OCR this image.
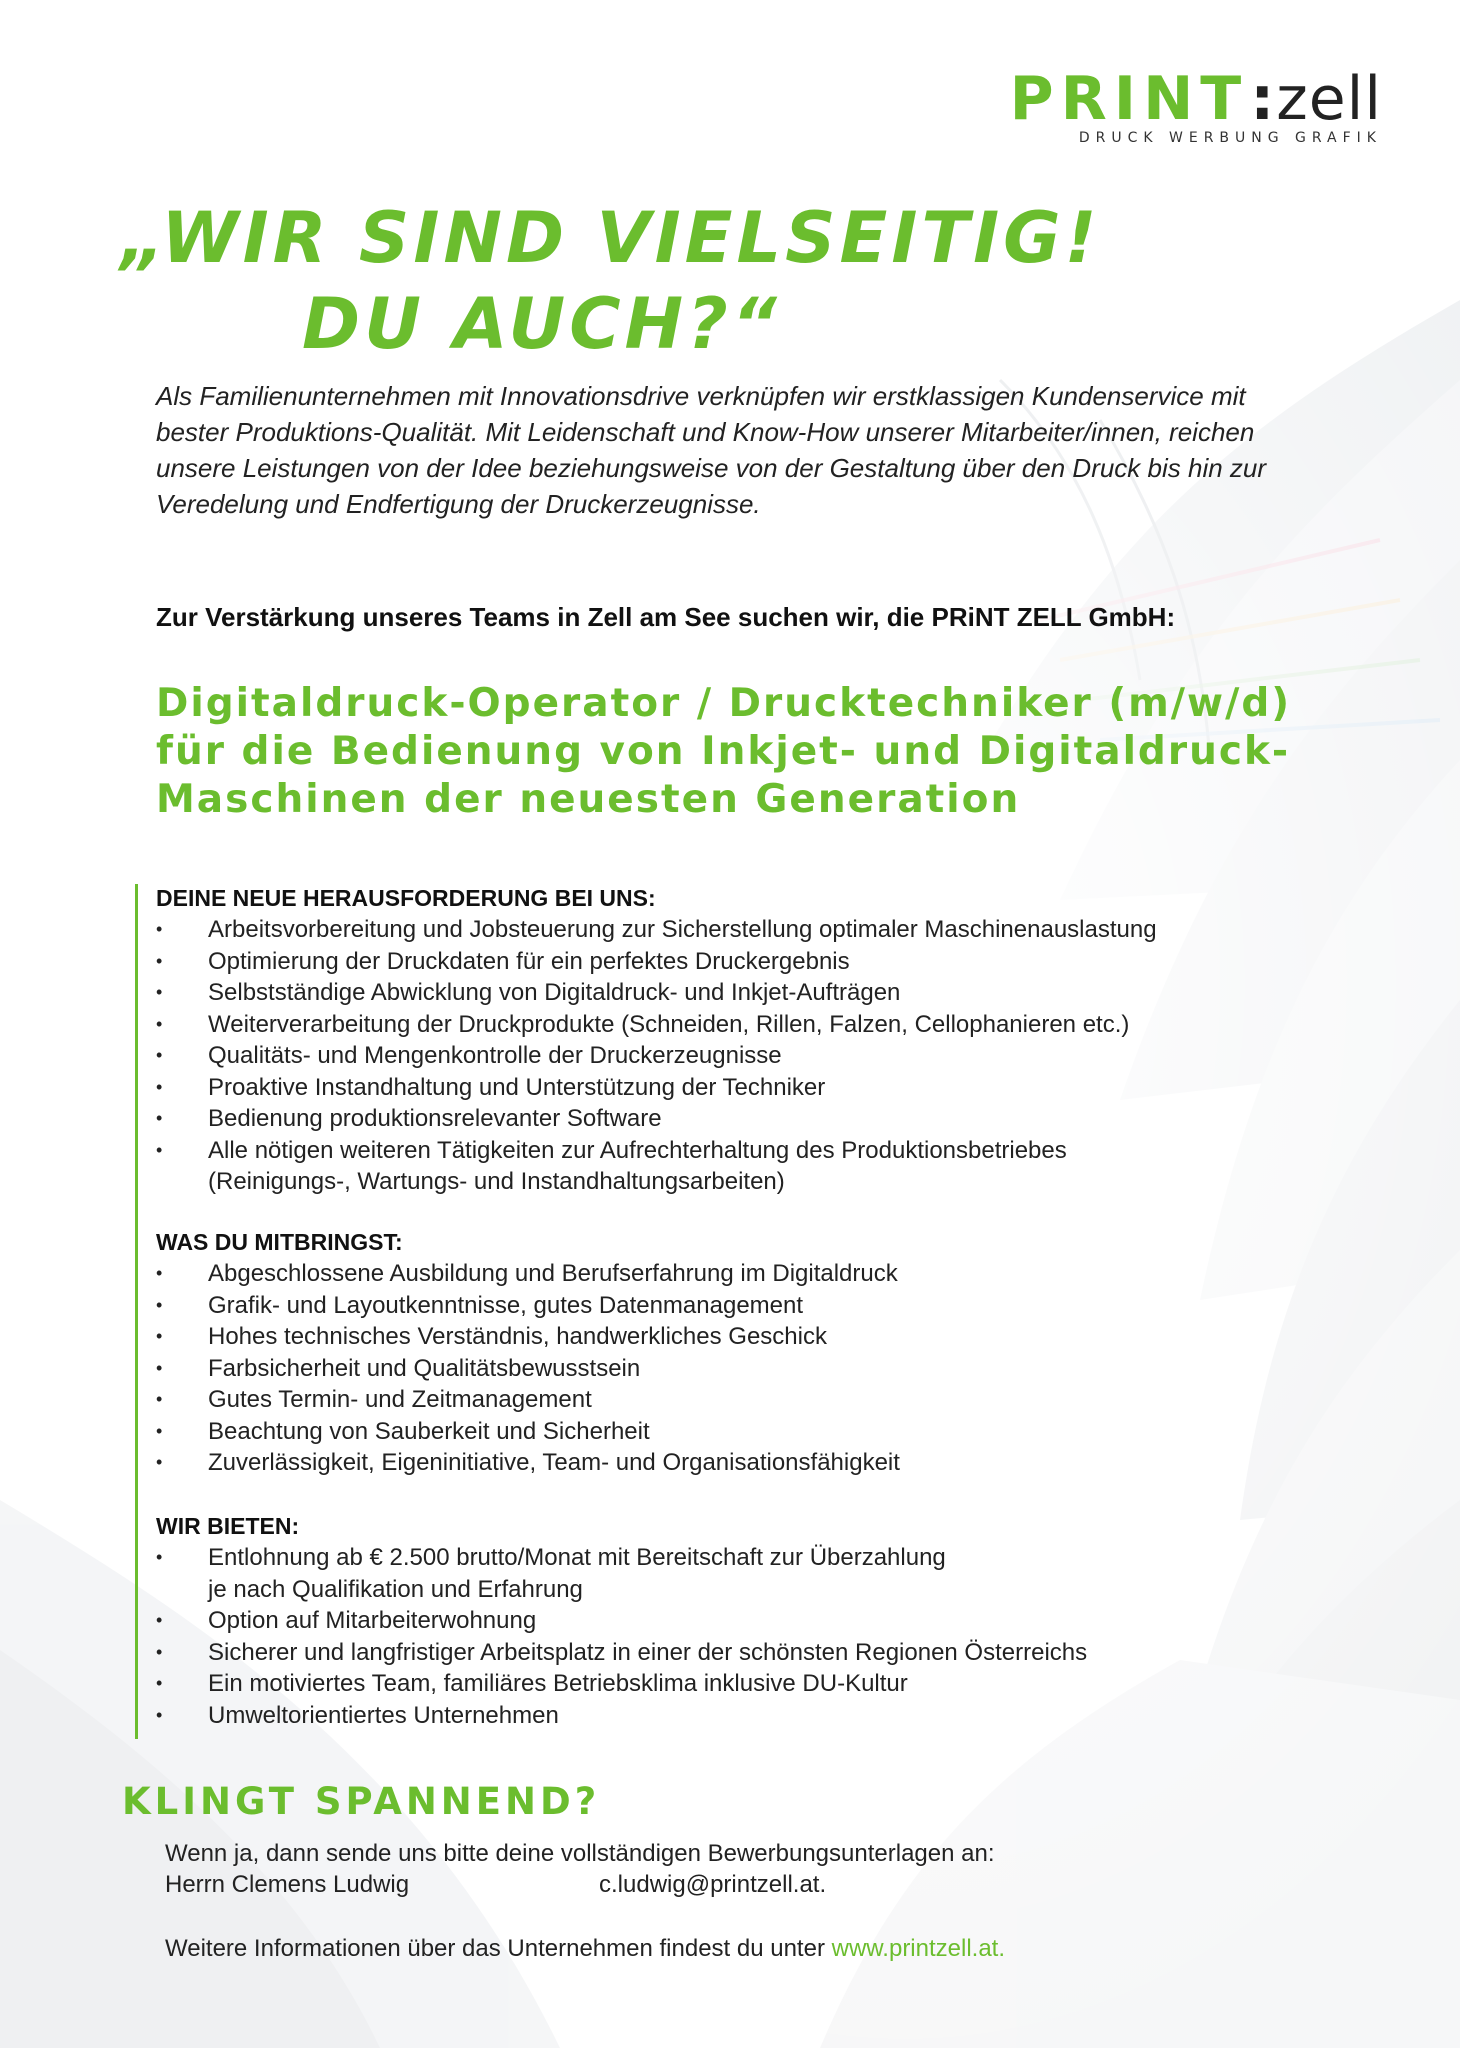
PRINT:zell
DRUCK WERBUNG GRAFIK
„WIR SIND VIELSEITIG!
DU AUCH?“
Als Familienunternehmen mit Innovationsdrive verknüpfen wir erstklassigen Kundenservice mit bester Produktions-Qualität. Mit Leidenschaft und Know-How unserer Mitarbeiter/innen, reichen unsere Leistungen von der Idee beziehungsweise von der Gestaltung über den Druck bis hin zur Veredelung und Endfertigung der Druckerzeugnisse.
Zur Verstärkung unseres Teams in Zell am See suchen wir, die PRiNT ZELL GmbH:
Digitaldruck-Operator / Drucktechniker (m/w/d)
für die Bedienung von Inkjet- und Digitaldruck-
Maschinen der neuesten Generation
DEINE NEUE HERAUSFORDERUNG BEI UNS:
• Arbeitsvorbereitung und Jobsteuerung zur Sicherstellung optimaler Maschinenauslastung
• Optimierung der Druckdaten für ein perfektes Druckergebnis
• Selbstständige Abwicklung von Digitaldruck- und Inkjet-Aufträgen
• Weiterverarbeitung der Druckprodukte (Schneiden, Rillen, Falzen, Cellophanieren etc.)
• Qualitäts- und Mengenkontrolle der Druckerzeugnisse
• Proaktive Instandhaltung und Unterstützung der Techniker
• Bedienung produktionsrelevanter Software
• Alle nötigen weiteren Tätigkeiten zur Aufrechterhaltung des Produktionsbetriebes
(Reinigungs-, Wartungs- und Instandhaltungsarbeiten)
WAS DU MITBRINGST:
• Abgeschlossene Ausbildung und Berufserfahrung im Digitaldruck
• Grafik- und Layoutkenntnisse, gutes Datenmanagement
• Hohes technisches Verständnis, handwerkliches Geschick
• Farbsicherheit und Qualitätsbewusstsein
• Gutes Termin- und Zeitmanagement
• Beachtung von Sauberkeit und Sicherheit
• Zuverlässigkeit, Eigeninitiative, Team- und Organisationsfähigkeit
WIR BIETEN:
• Entlohnung ab € 2.500 brutto/Monat mit Bereitschaft zur Überzahlung
je nach Qualifikation und Erfahrung
• Option auf Mitarbeiterwohnung
• Sicherer und langfristiger Arbeitsplatz in einer der schönsten Regionen Österreichs
• Ein motiviertes Team, familiäres Betriebsklima inklusive DU-Kultur
• Umweltorientiertes Unternehmen
KLINGT SPANNEND?
Wenn ja, dann sende uns bitte deine vollständigen Bewerbungsunterlagen an:
Herrn Clemens Ludwig	c.ludwig@printzell.at.
Weitere Informationen über das Unternehmen findest du unter www.printzell.at.
